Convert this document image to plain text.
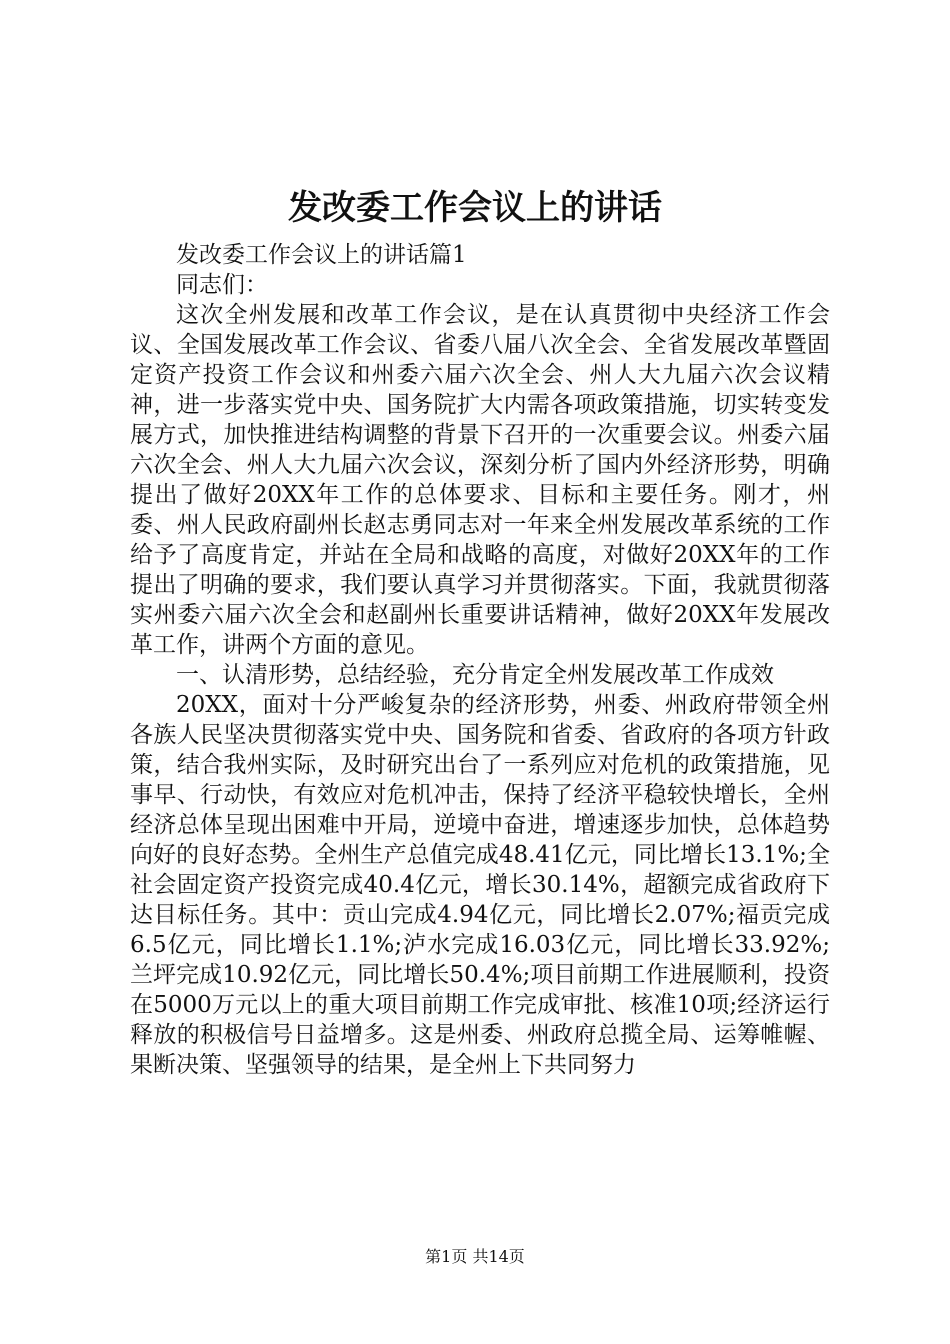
发改委工作会议上的讲话

发改委工作会议上的讲话篇1

同志们：

这次全州发展和改革工作会议，是在认真贯彻中央经济工作会议、全国发展改革工作会议、省委八届八次全会、全省发展改革暨固定资产投资工作会议和州委六届六次全会、州人大九届六次会议精神，进一步落实党中央、国务院扩大内需各项政策措施，切实转变发展方式，加快推进结构调整的背景下召开的一次重要会议。州委六届六次全会、州人大九届六次会议，深刻分析了国内外经济形势，明确提出了做好20XX年工作的总体要求、目标和主要任务。刚才，州委、州人民政府副州长赵志勇同志对一年来全州发展改革系统的工作给予了高度肯定，并站在全局和战略的高度，对做好20XX年的工作提出了明确的要求，我们要认真学习并贯彻落实。下面，我就贯彻落实州委六届六次全会和赵副州长重要讲话精神，做好20XX年发展改革工作，讲两个方面的意见。

一、认清形势，总结经验，充分肯定全州发展改革工作成效

20XX，面对十分严峻复杂的经济形势，州委、州政府带领全州各族人民坚决贯彻落实党中央、国务院和省委、省政府的各项方针政策，结合我州实际，及时研究出台了一系列应对危机的政策措施，见事早、行动快，有效应对危机冲击，保持了经济平稳较快增长，全州经济总体呈现出困难中开局，逆境中奋进，增速逐步加快，总体趋势向好的良好态势。全州生产总值完成48.41亿元，同比增长13.1%;全社会固定资产投资完成40.4亿元，增长30.14%，超额完成省政府下达目标任务。其中：贡山完成4.94亿元，同比增长2.07%;福贡完成6.5亿元，同比增长1.1%;泸水完成16.03亿元，同比增长33.92%;兰坪完成10.92亿元，同比增长50.4%;项目前期工作进展顺利，投资在5000万元以上的重大项目前期工作完成审批、核准10项;经济运行释放的积极信号日益增多。这是州委、州政府总揽全局、运筹帷幄、果断决策、坚强领导的结果，是全州上下共同努力

第1页 共14页
